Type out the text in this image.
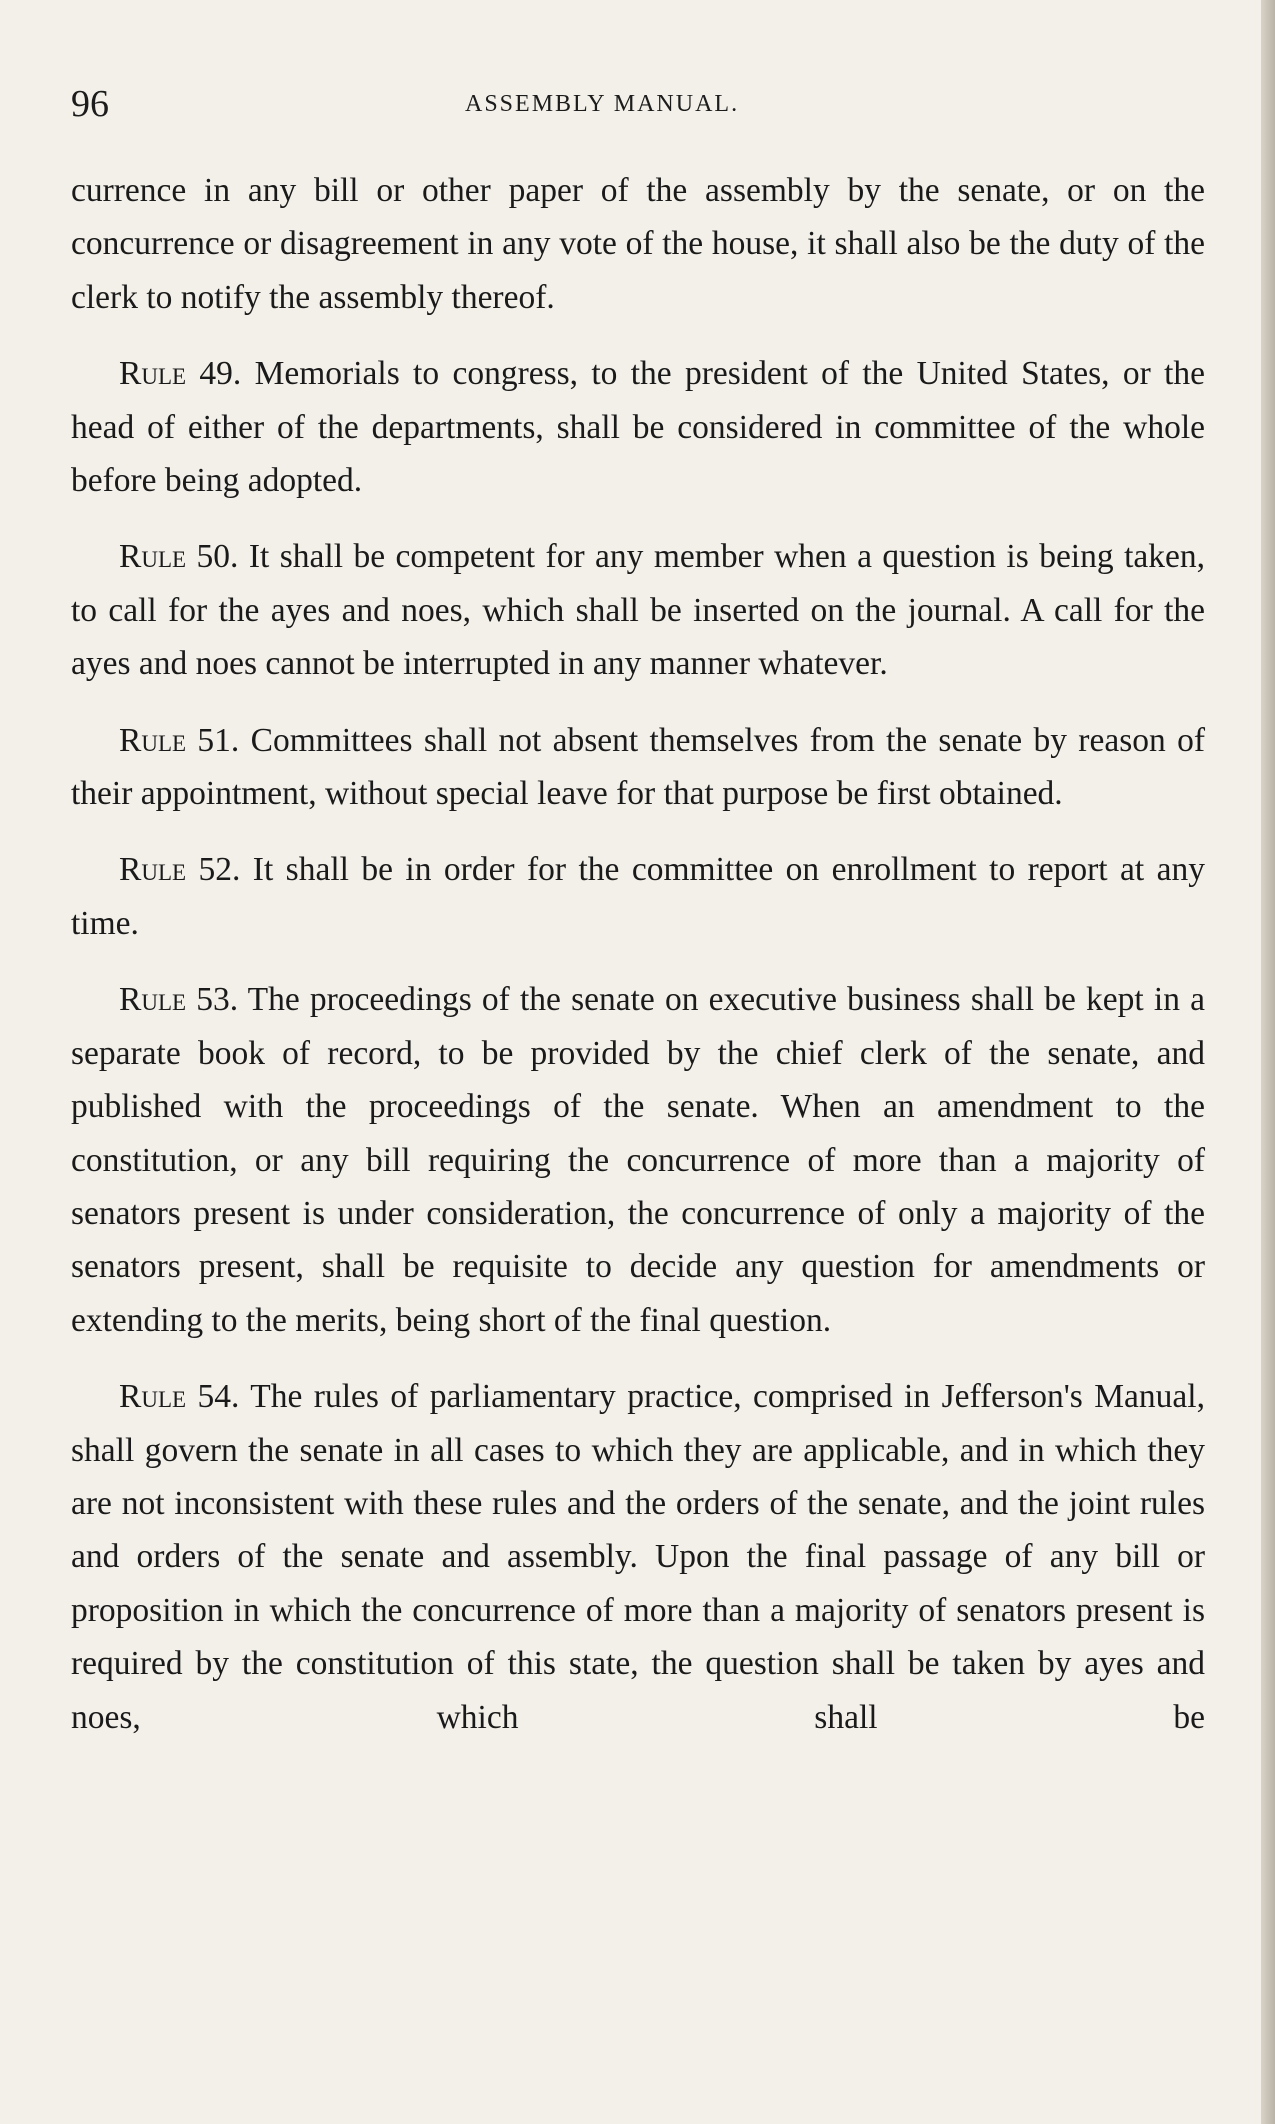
96	ASSEMBLY MANUAL.

currence in any bill or other paper of the assembly by the senate, or on the concurrence or disagreement in any vote of the house, it shall also be the duty of the clerk to notify the assembly thereof.

Rule 49. Memorials to congress, to the president of the United States, or the head of either of the departments, shall be considered in committee of the whole before being adopted.

Rule 50. It shall be competent for any member when a question is being taken, to call for the ayes and noes, which shall be inserted on the journal. A call for the ayes and noes cannot be interrupted in any manner whatever.

Rule 51. Committees shall not absent themselves from the senate by reason of their appointment, without special leave for that purpose be first obtained.

Rule 52. It shall be in order for the committee on enrollment to report at any time.

Rule 53. The proceedings of the senate on executive business shall be kept in a separate book of record, to be provided by the chief clerk of the senate, and published with the proceedings of the senate. When an amendment to the constitution, or any bill requiring the concurrence of more than a majority of senators present is under consideration, the concurrence of only a majority of the senators present, shall be requisite to decide any question for amendments or extending to the merits, being short of the final question.

Rule 54. The rules of parliamentary practice, comprised in Jefferson's Manual, shall govern the senate in all cases to which they are applicable, and in which they are not inconsistent with these rules and the orders of the senate, and the joint rules and orders of the senate and assembly. Upon the final passage of any bill or proposition in which the concurrence of more than a majority of senators present is required by the constitution of this state, the question shall be taken by ayes and noes, which shall be
